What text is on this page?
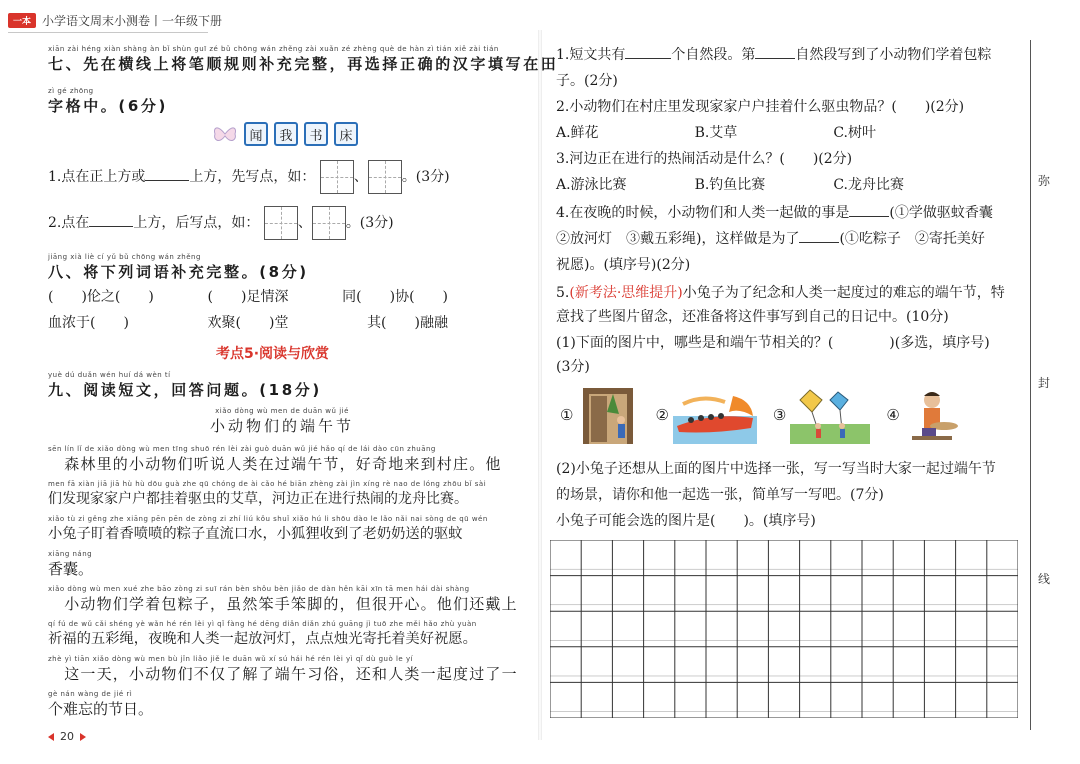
一本 小学语文周末小测卷丨一年级下册
xiān zài héng xiàn shàng àn bǐ shùn guī zé bǔ chōng wán zhěng zài xuǎn zé zhèng què de hàn zì tián xiě zài tián
七、先在横线上将笔顺规则补充完整，再选择正确的汉字填写在田
zì gé zhōng
字格中。(6分)
闻	我	书	床
1.点在正上方或	上方，先写点，如：	、 。(3分)
2.点在	上方，后写点，如：	、 。(3分)
jiāng xià liè cí yǔ bǔ chōng wán zhěng
八、将下列词语补充完整。(8分)
(　　)伦之(　　)	(　　)足情深	同(　　)协(　　)
血浓于(　　)	欢聚(　　)堂	其(　　)融融
考点5·阅读与欣赏
yuè dú duǎn wén huí dá wèn tí
九、阅读短文，回答问题。(18分)
xiǎo dòng wù men de duān wǔ jié
小动物们的端午节
sēn lín lǐ de xiǎo dòng wù men tīng shuō rén lèi zài guò duān wǔ jié hǎo qí de lái dào cūn zhuāng
　森林里的小动物们听说人类在过端午节，好奇地来到村庄。他
men fā xiàn jiā jiā hù hù dōu guà zhe qū chóng de ài cǎo hé biān zhèng zài jìn xíng rè nao de lóng zhōu bǐ sài
们发现家家户户都挂着驱虫的艾草，河边正在进行热闹的龙舟比赛。
xiǎo tù zi gěng zhe xiāng pēn pēn de zòng zi zhí liú kǒu shuǐ xiǎo hú li shōu dào le lǎo nǎi nai sòng de qū wén
小兔子盯着香喷喷的粽子直流口水，小狐狸收到了老奶奶送的驱蚊
xiāng náng
香囊。
xiǎo dòng wù men xué zhe bāo zòng zi suī rán bèn shǒu bèn jiǎo de dàn hěn kāi xīn tā men hái dài shàng
　小动物们学着包粽子，虽然笨手笨脚的，但很开心。他们还戴上
qí fú de wǔ cǎi shéng yè wǎn hé rén lèi yì qǐ fàng hé dēng diǎn diǎn zhú guāng jì tuō zhe měi hǎo zhù yuàn
祈福的五彩绳，夜晚和人类一起放河灯，点点烛光寄托着美好祝愿。
zhè yì tiān xiǎo dòng wù men bù jǐn liǎo jiě le duān wǔ xí sú hái hé rén lèi yì qǐ dù guò le yí
　这一天，小动物们不仅了解了端午习俗，还和人类一起度过了一
gè nán wàng de jié rì
个难忘的节日。
20
1.短文共有	个自然段。第	自然段写到了小动物们学着包粽
子。(2分)
2.小动物们在村庄里发现家家户户挂着什么驱虫物品？(　　)(2分)
A.鲜花	B.艾草	C.树叶
3.河边正在进行的热闹活动是什么？(　　)(2分)
A.游泳比赛	B.钓鱼比赛	C.龙舟比赛
4.在夜晚的时候，小动物们和人类一起做的事是	(①学做驱蚊香囊
②放河灯　③戴五彩绳)，这样做是为了	(①吃粽子　②寄托美好
祝愿)。(填序号)(2分)
5.(新考法·思维提升)小兔子为了纪念和人类一起度过的难忘的端午节，特
意找了些图片留念，还准备将这件事写到自己的日记中。(10分)
(1)下面的图片中，哪些是和端午节相关的？(　　　　)(多选，填序号)
(3分)
①	②	③	④
(2)小兔子还想从上面的图片中选择一张，写一写当时大家一起过端午节
的场景，请你和他一起选一张，简单写一写吧。(7分)
小兔子可能会选的图片是(　　)。(填序号)
弥
封
线
